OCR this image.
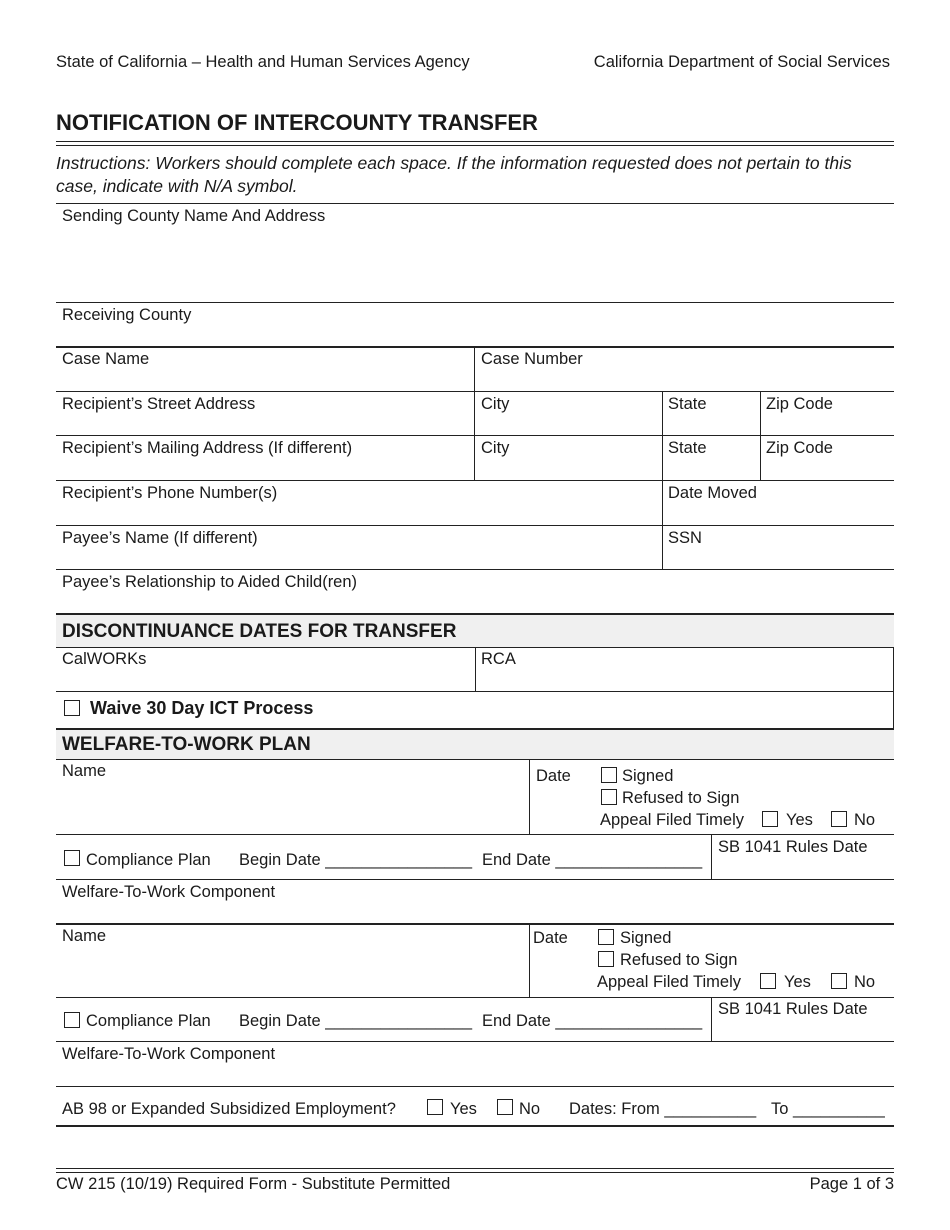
State of California – Health and Human Services Agency	California Department of Social Services
NOTIFICATION OF INTERCOUNTY TRANSFER
Instructions: Workers should complete each space. If the information requested does not pertain to this case, indicate with N/A symbol.
Sending County Name And Address
Receiving County
Case Name	Case Number
Recipient’s Street Address	City	State	Zip Code
Recipient’s Mailing Address (If different)	City	State	Zip Code
Recipient’s Phone Number(s)	Date Moved
Payee’s Name (If different)	SSN
Payee’s Relationship to Aided Child(ren)
DISCONTINUANCE DATES FOR TRANSFER
CalWORKs	RCA
Waive 30 Day ICT Process
WELFARE-TO-WORK PLAN
Name	Date	Signed
Refused to Sign
Appeal Filed Timely	Yes No
Compliance Plan Begin Date ________________ End Date ________________
SB 1041 Rules Date
Welfare-To-Work Component
Name	Date	Signed
Refused to Sign
Appeal Filed Timely	Yes	No
Compliance Plan Begin Date ________________ End Date ________________
SB 1041 Rules Date
Welfare-To-Work Component
AB 98 or Expanded Subsidized Employment?	Yes	No Dates: From __________ To __________
CW 215 (10/19) Required Form - Substitute Permitted	Page 1 of 3
